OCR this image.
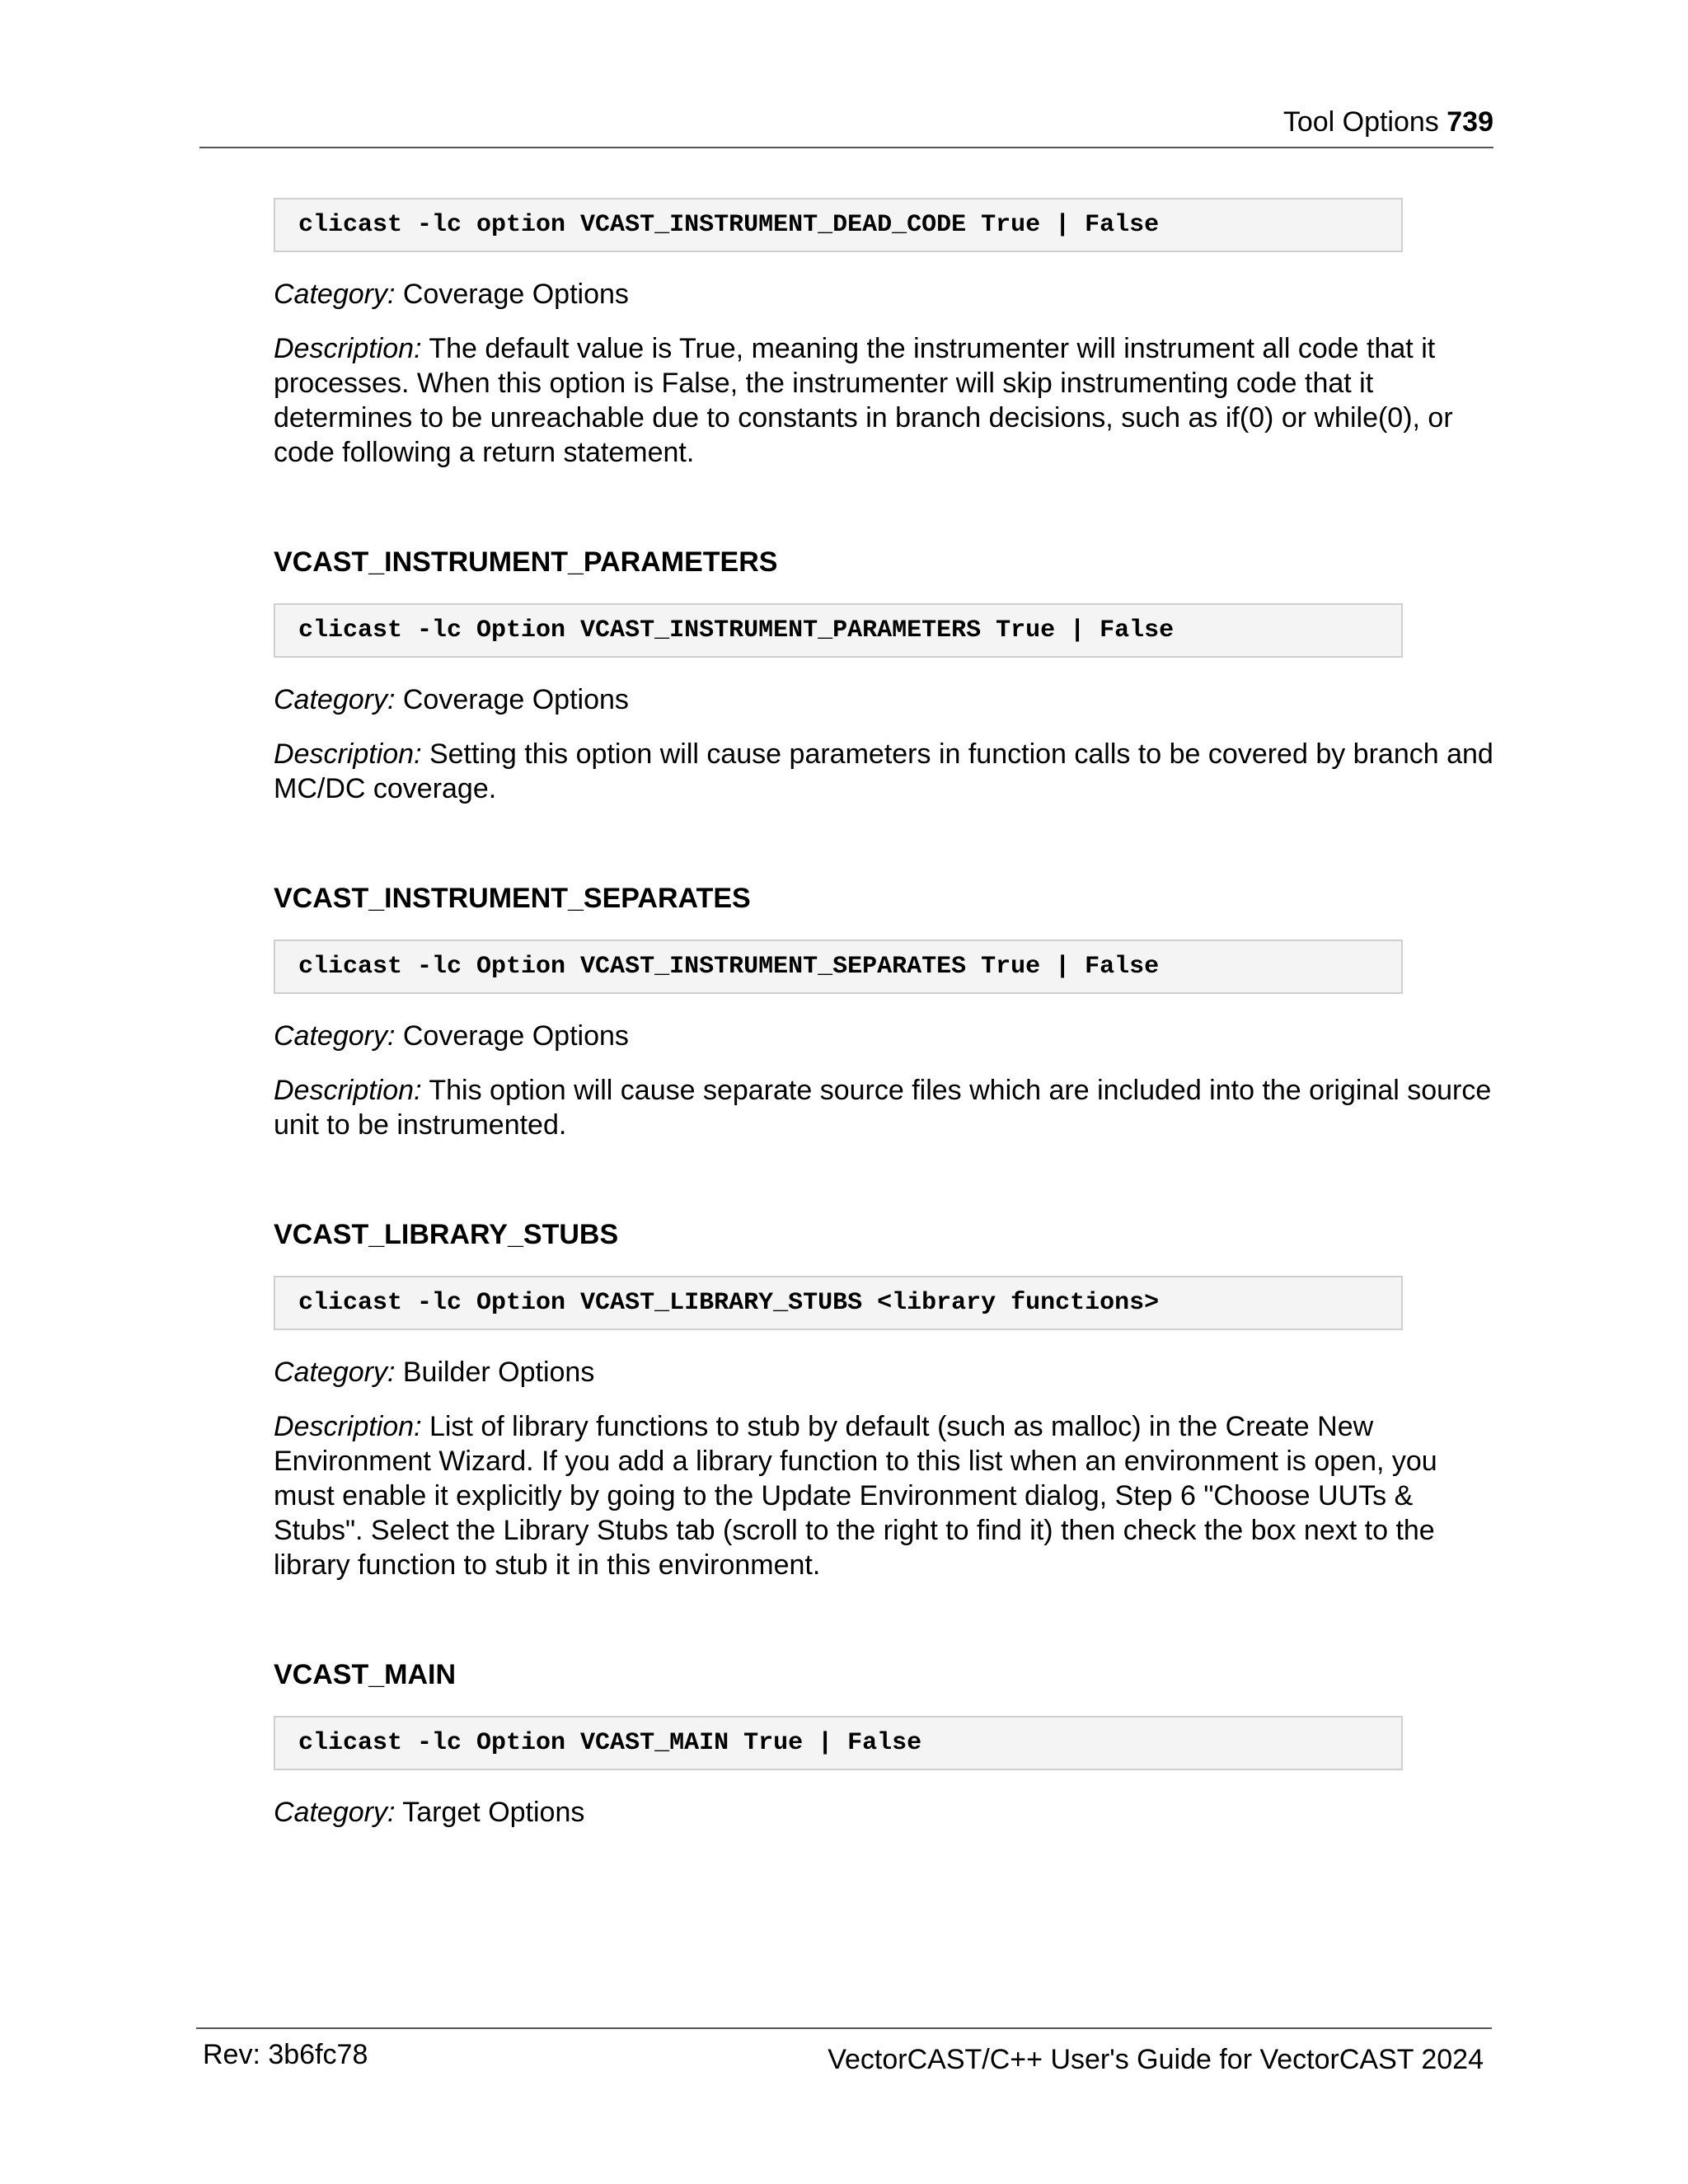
Tool Options 739
clicast -lc option VCAST_INSTRUMENT_DEAD_CODE True | False

Category: Coverage Options

Description: The default value is True, meaning the instrumenter will instrument all code that it processes. When this option is False, the instrumenter will skip instrumenting code that it determines to be unreachable due to constants in branch decisions, such as if(0) or while(0), or code following a return statement.

VCAST_INSTRUMENT_PARAMETERS
clicast -lc Option VCAST_INSTRUMENT_PARAMETERS True | False

Category: Coverage Options

Description: Setting this option will cause parameters in function calls to be covered by branch and MC/DC coverage.

VCAST_INSTRUMENT_SEPARATES
clicast -lc Option VCAST_INSTRUMENT_SEPARATES True | False

Category: Coverage Options

Description: This option will cause separate source files which are included into the original source unit to be instrumented.

VCAST_LIBRARY_STUBS
clicast -lc Option VCAST_LIBRARY_STUBS <library functions>

Category: Builder Options

Description: List of library functions to stub by default (such as malloc) in the Create New Environment Wizard. If you add a library function to this list when an environment is open, you must enable it explicitly by going to the Update Environment dialog, Step 6 "Choose UUTs & Stubs". Select the Library Stubs tab (scroll to the right to find it) then check the box next to the library function to stub it in this environment.

VCAST_MAIN
clicast -lc Option VCAST_MAIN True | False

Category: Target Options

Rev: 3b6fc78	VectorCAST/C++ User's Guide for VectorCAST 2024
